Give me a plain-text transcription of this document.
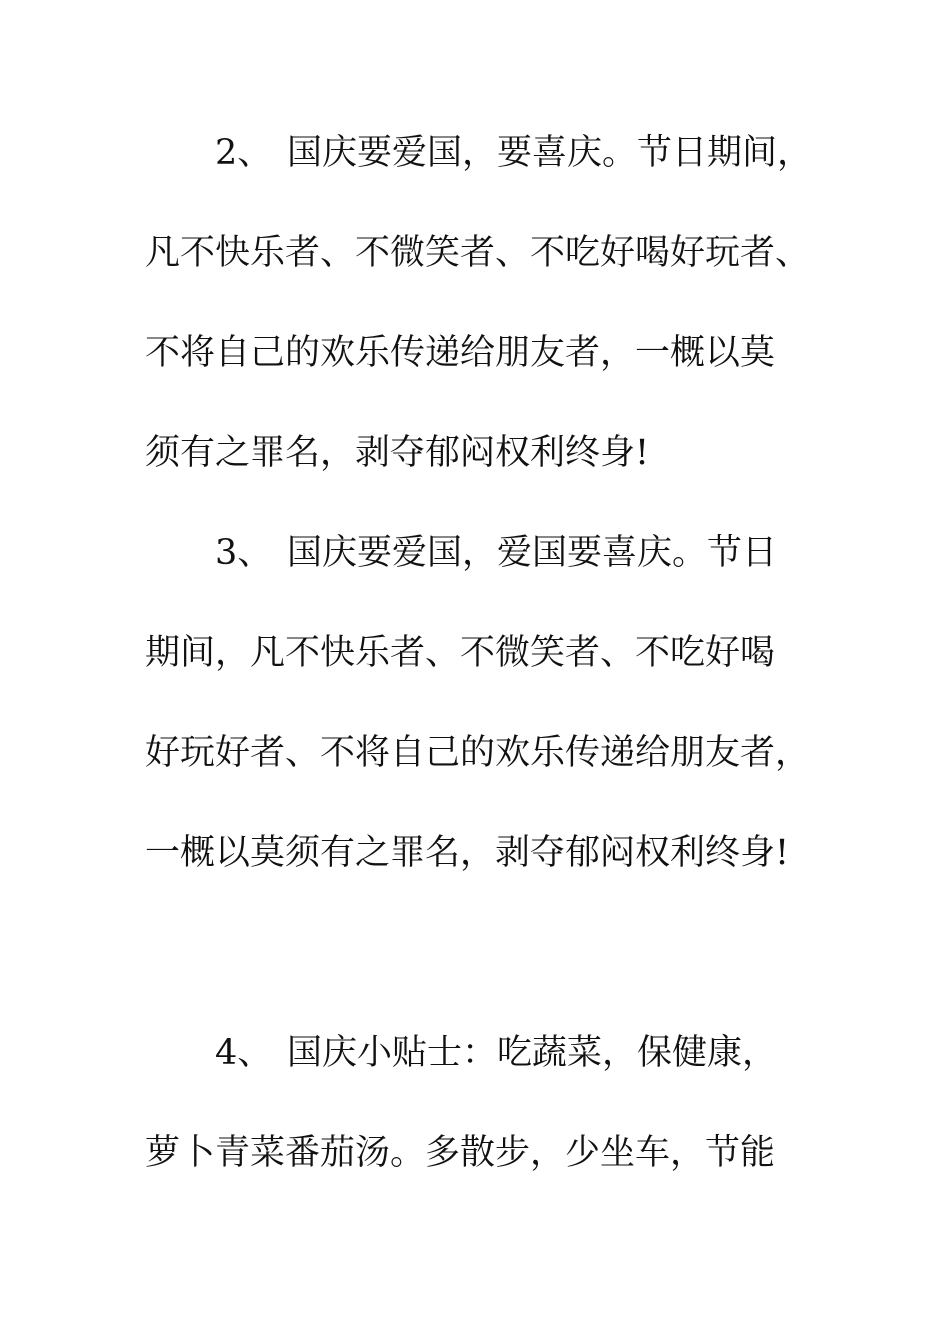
2、 国庆要爱国，要喜庆。节日期间，
凡不快乐者、不微笑者、不吃好喝好玩者、
不将自己的欢乐传递给朋友者，一概以莫
须有之罪名，剥夺郁闷权利终身!
3、 国庆要爱国，爱国要喜庆。节日
期间，凡不快乐者、不微笑者、不吃好喝
好玩好者、不将自己的欢乐传递给朋友者，
一概以莫须有之罪名，剥夺郁闷权利终身!
4、 国庆小贴士：吃蔬菜，保健康，
萝卜青菜番茄汤。多散步，少坐车，节能
